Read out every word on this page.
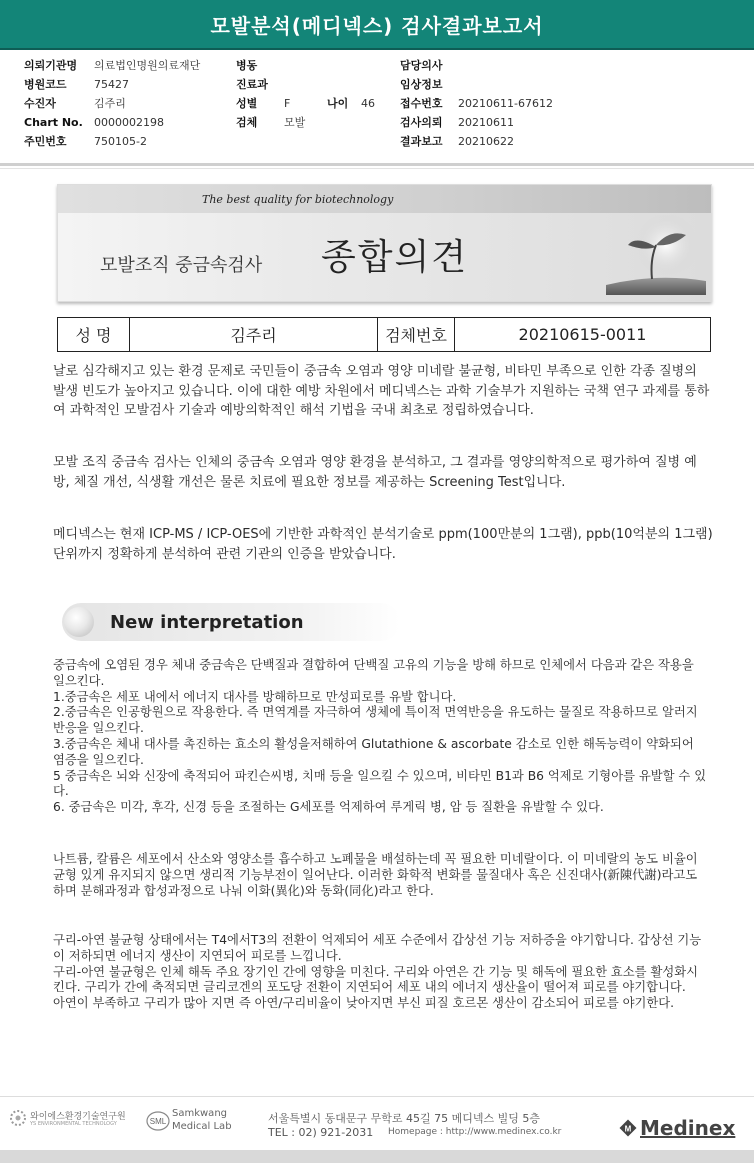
모발분석(메디넥스) 검사결과보고서
의뢰기관명 의료법인명원의료재단	병동	담당의사
병원코드 75427	진료과	임상정보
수진자	김주리	성별 F	나이 46 접수번호 20210611-67612
Chart No. 0000002198	검체 모발	검사의뢰 20210611
주민번호 750105-2	결과보고 20210622
The best quality for biotechnology
모발조직 중금속검사 종합의견
성 명	김주리	검체번호	20210615-0011

날로 심각해지고 있는 환경 문제로 국민들이 중금속 오염과 영양 미네랄 불균형, 비타민 부족으로 인한 각종 질병의 발생 빈도가 높아지고 있습니다. 이에 대한 예방 차원에서 메디넥스는 과학 기술부가 지원하는 국책 연구 과제를 통하여 과학적인 모발검사 기술과 예방의학적인 해석 기법을 국내 최초로 정립하였습니다.

모발 조직 중금속 검사는 인체의 중금속 오염과 영양 환경을 분석하고, 그 결과를 영양의학적으로 평가하여 질병 예방, 체질 개선, 식생활 개선은 물론 치료에 필요한 정보를 제공하는 Screening Test입니다.

메디넥스는 현재 ICP-MS / ICP-OES에 기반한 과학적인 분석기술로 ppm(100만분의 1그램), ppb(10억분의 1그램) 단위까지 정확하게 분석하여 관련 기관의 인증을 받았습니다.

New interpretation

중금속에 오염된 경우 체내 중금속은 단백질과 결합하여 단백질 고유의 기능을 방해 하므로 인체에서 다음과 같은 작용을 일으킨다.

1.중금속은 세포 내에서 에너지 대사를 방해하므로 만성피로를 유발 합니다.

2.중금속은 인공항원으로 작용한다. 즉 면역계를 자극하여 생체에 특이적 면역반응을 유도하는 물질로 작용하므로 알러지 반응을 일으킨다.

3.중금속은 체내 대사를 촉진하는 효소의 활성을저해하여 Glutathione & ascorbate 감소로 인한 해독능력이 약화되어 염증을 일으킨다.

5 중금속은 뇌와 신장에 축적되어 파킨슨씨병, 치매 등을 일으킬 수 있으며, 비타민 B1과 B6 억제로 기형아를 유발할 수 있다.

6. 중금속은 미각, 후각, 신경 등을 조절하는 G세포를 억제하여 루게릭 병, 암 등 질환을 유발할 수 있다.

나트륨, 칼륨은 세포에서 산소와 영양소를 흡수하고 노폐물을 배설하는데 꼭 필요한 미네랄이다. 이 미네랄의 농도 비율이 균형 있게 유지되지 않으면 생리적 기능부전이 일어난다. 이러한 화학적 변화를 물질대사 혹은 신진대사(新陳代謝)라고도 하며 분해과정과 합성과정으로 나눠 이화(異化)와 동화(同化)라고 한다.

구리-아연 불균형 상태에서는 T4에서T3의 전환이 억제되어 세포 수준에서 갑상선 기능 저하증을 야기합니다. 갑상선 기능이 저하되면 에너지 생산이 지연되어 피로를 느낍니다.

구리-아연 불균형은 인체 해독 주요 장기인 간에 영향을 미친다. 구리와 아연은 간 기능 및 해독에 필요한 효소를 활성화시킨다. 구리가 간에 축적되면 글리코겐의 포도당 전환이 지연되어 세포 내의 에너지 생산율이 떨어져 피로를 야기합니다.

아연이 부족하고 구리가 많아 지면 즉 아연/구리비율이 낮아지면 부신 피질 호르몬 생산이 감소되어 피로를 야기한다.

와이에스환경기술연구원
YS ENVIRONMENTAL TECHNOLOGY	SML
Samkwang
Medical Lab
서울특별시 동대문구 무학로 45길 75 메디넥스 빌딩 5층
TEL : 02) 921-2031 Homepage : http://www.medinex.co.kr	M Medinex
